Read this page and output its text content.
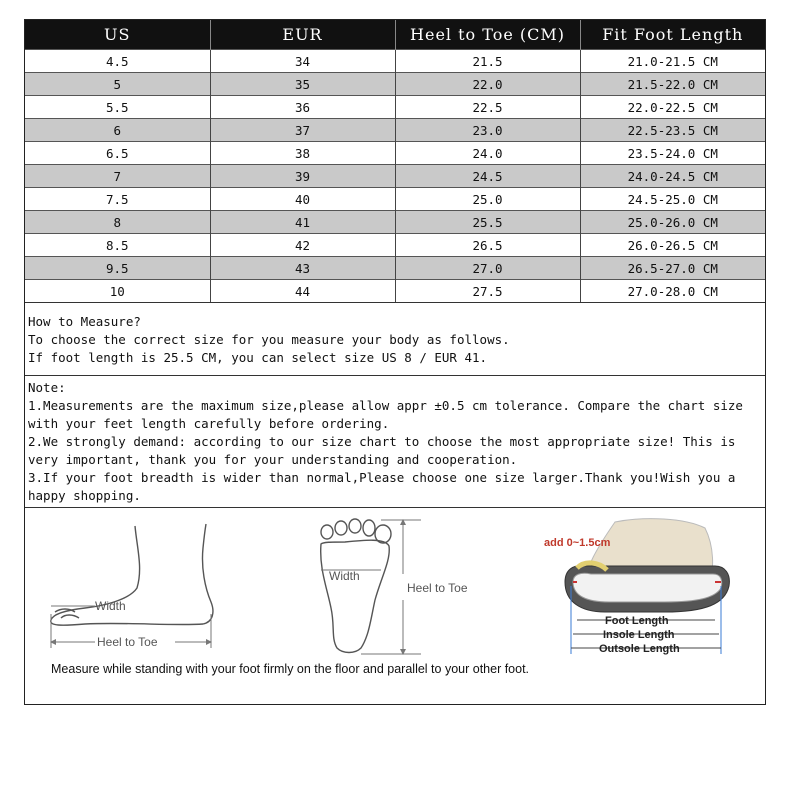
US	EUR	Heel to Toe (CM)	Fit Foot Length
4.5	34	21.5	21.0-21.5 CM
5	35	22.0	21.5-22.0 CM
5.5	36	22.5	22.0-22.5 CM
6	37	23.0	22.5-23.5 CM
6.5	38	24.0	23.5-24.0 CM
7	39	24.5	24.0-24.5 CM
7.5	40	25.0	24.5-25.0 CM
8	41	25.5	25.0-26.0 CM
8.5	42	26.5	26.0-26.5 CM
9.5	43	27.0	26.5-27.0 CM
10	44	27.5	27.0-28.0 CM

How to Measure?

To choose the correct size for you measure your body as follows.

If foot length is 25.5 CM, you can select size US 8 / EUR 41.

Note:

1.Measurements are the maximum size,please allow appr ±0.5 cm tolerance. Compare the chart size with your feet length carefully before ordering.

2.We strongly demand: according to our size chart to choose the most appropriate size! This is very important, thank you for your understanding and cooperation.

3.If your foot breadth is wider than normal,Please choose one size larger.Thank you!Wish you a happy shopping.

Width
Heel to Toe
Width
Heel to Toe
add 0~1.5cm
Foot Length
Insole Length
Outsole Length
Measure while standing with your foot firmly on the floor and parallel to your other foot.
